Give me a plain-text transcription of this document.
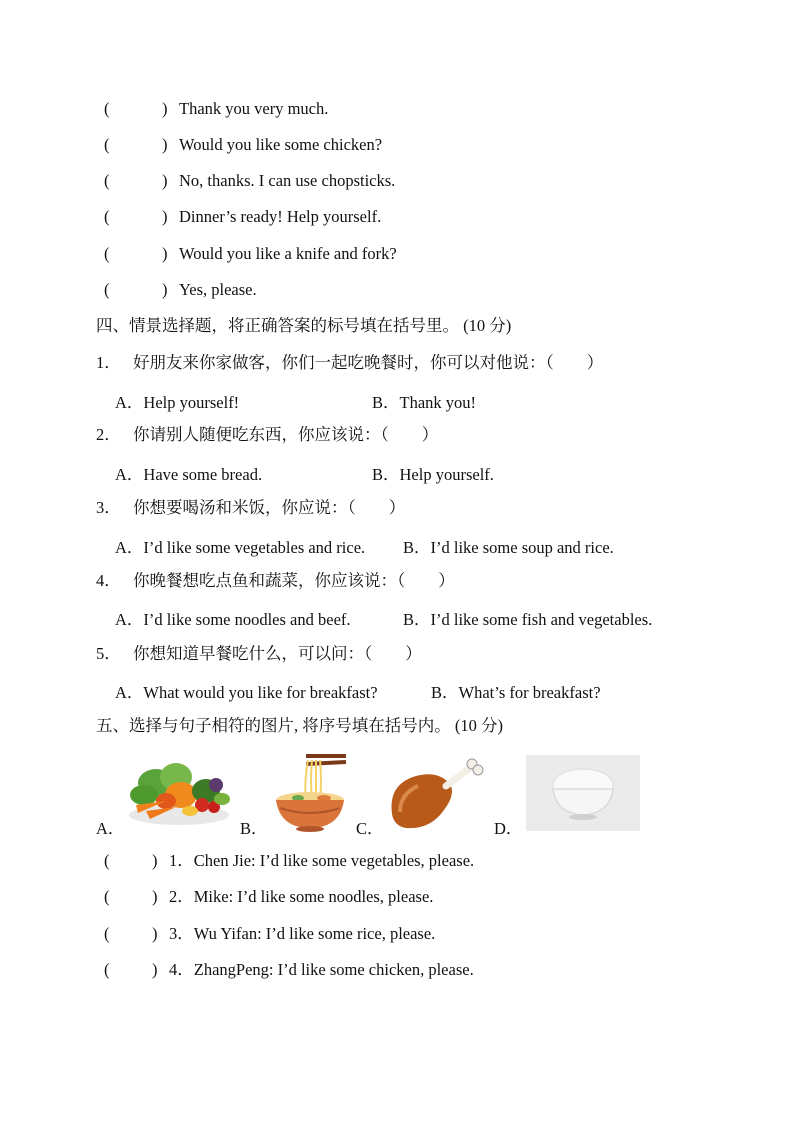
(	) Thank you very much.
(	) Would you like some chicken?
(	) No, thanks. I can use chopsticks.
(	) Dinner’s ready! Help yourself.
(	) Would you like a knife and fork?
(	) Yes, please.
四、情景选择题，将正确答案的标号填在括号里。 (10 分)
1． 好朋友来你家做客，你们一起吃晚餐时，你可以对他说：（　　）
A．Help yourself!	B．Thank you!
2． 你请别人随便吃东西，你应该说：（　　）
A．Have some bread.	B．Help yourself.
3． 你想要喝汤和米饭，你应说：（　　）
A．I’d like some vegetables and rice. B．I’d like some soup and rice.
4． 你晚餐想吃点鱼和蔬菜，你应该说：（　　）
A．I’d like some noodles and beef.	B．I’d like some fish and vegetables.
5． 你想知道早餐吃什么，可以问：（　　）
A．What would you like for breakfast?	B．What’s for breakfast?
五、选择与句子相符的图片, 将序号填在括号内。 (10 分)
A．	B．	C．	D．
(	) 1．Chen Jie: I’d like some vegetables, please.
(	) 2．Mike: I’d like some noodles, please.
(	) 3．Wu Yifan: I’d like some rice, please.
(	) 4．ZhangPeng: I’d like some chicken, please.
